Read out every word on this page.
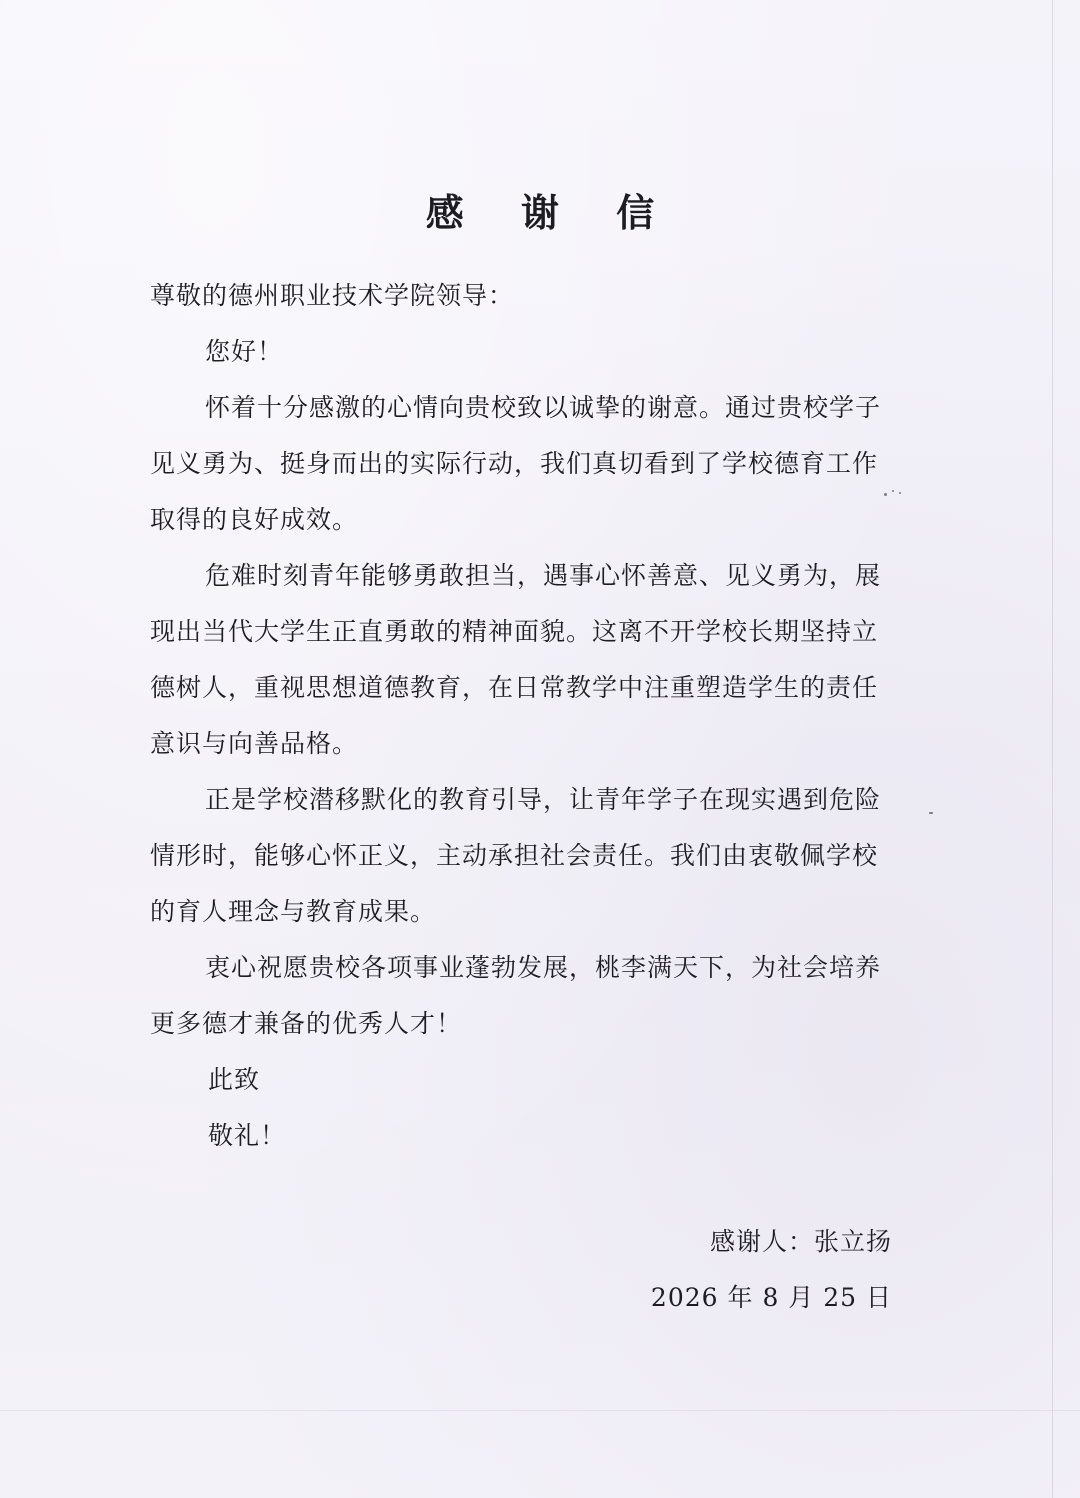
感 谢 信
尊敬的德州职业技术学院领导：
您好！
怀着十分感激的心情向贵校致以诚挚的谢意。通过贵校学子
见义勇为、挺身而出的实际行动，我们真切看到了学校德育工作
取得的良好成效。
危难时刻青年能够勇敢担当，遇事心怀善意、见义勇为，展
现出当代大学生正直勇敢的精神面貌。这离不开学校长期坚持立
德树人，重视思想道德教育，在日常教学中注重塑造学生的责任
意识与向善品格。
正是学校潜移默化的教育引导，让青年学子在现实遇到危险
情形时，能够心怀正义，主动承担社会责任。我们由衷敬佩学校
的育人理念与教育成果。
衷心祝愿贵校各项事业蓬勃发展，桃李满天下，为社会培养
更多德才兼备的优秀人才！
此致
敬礼！
感谢人：张立扬
2026 年 8 月 25 日
